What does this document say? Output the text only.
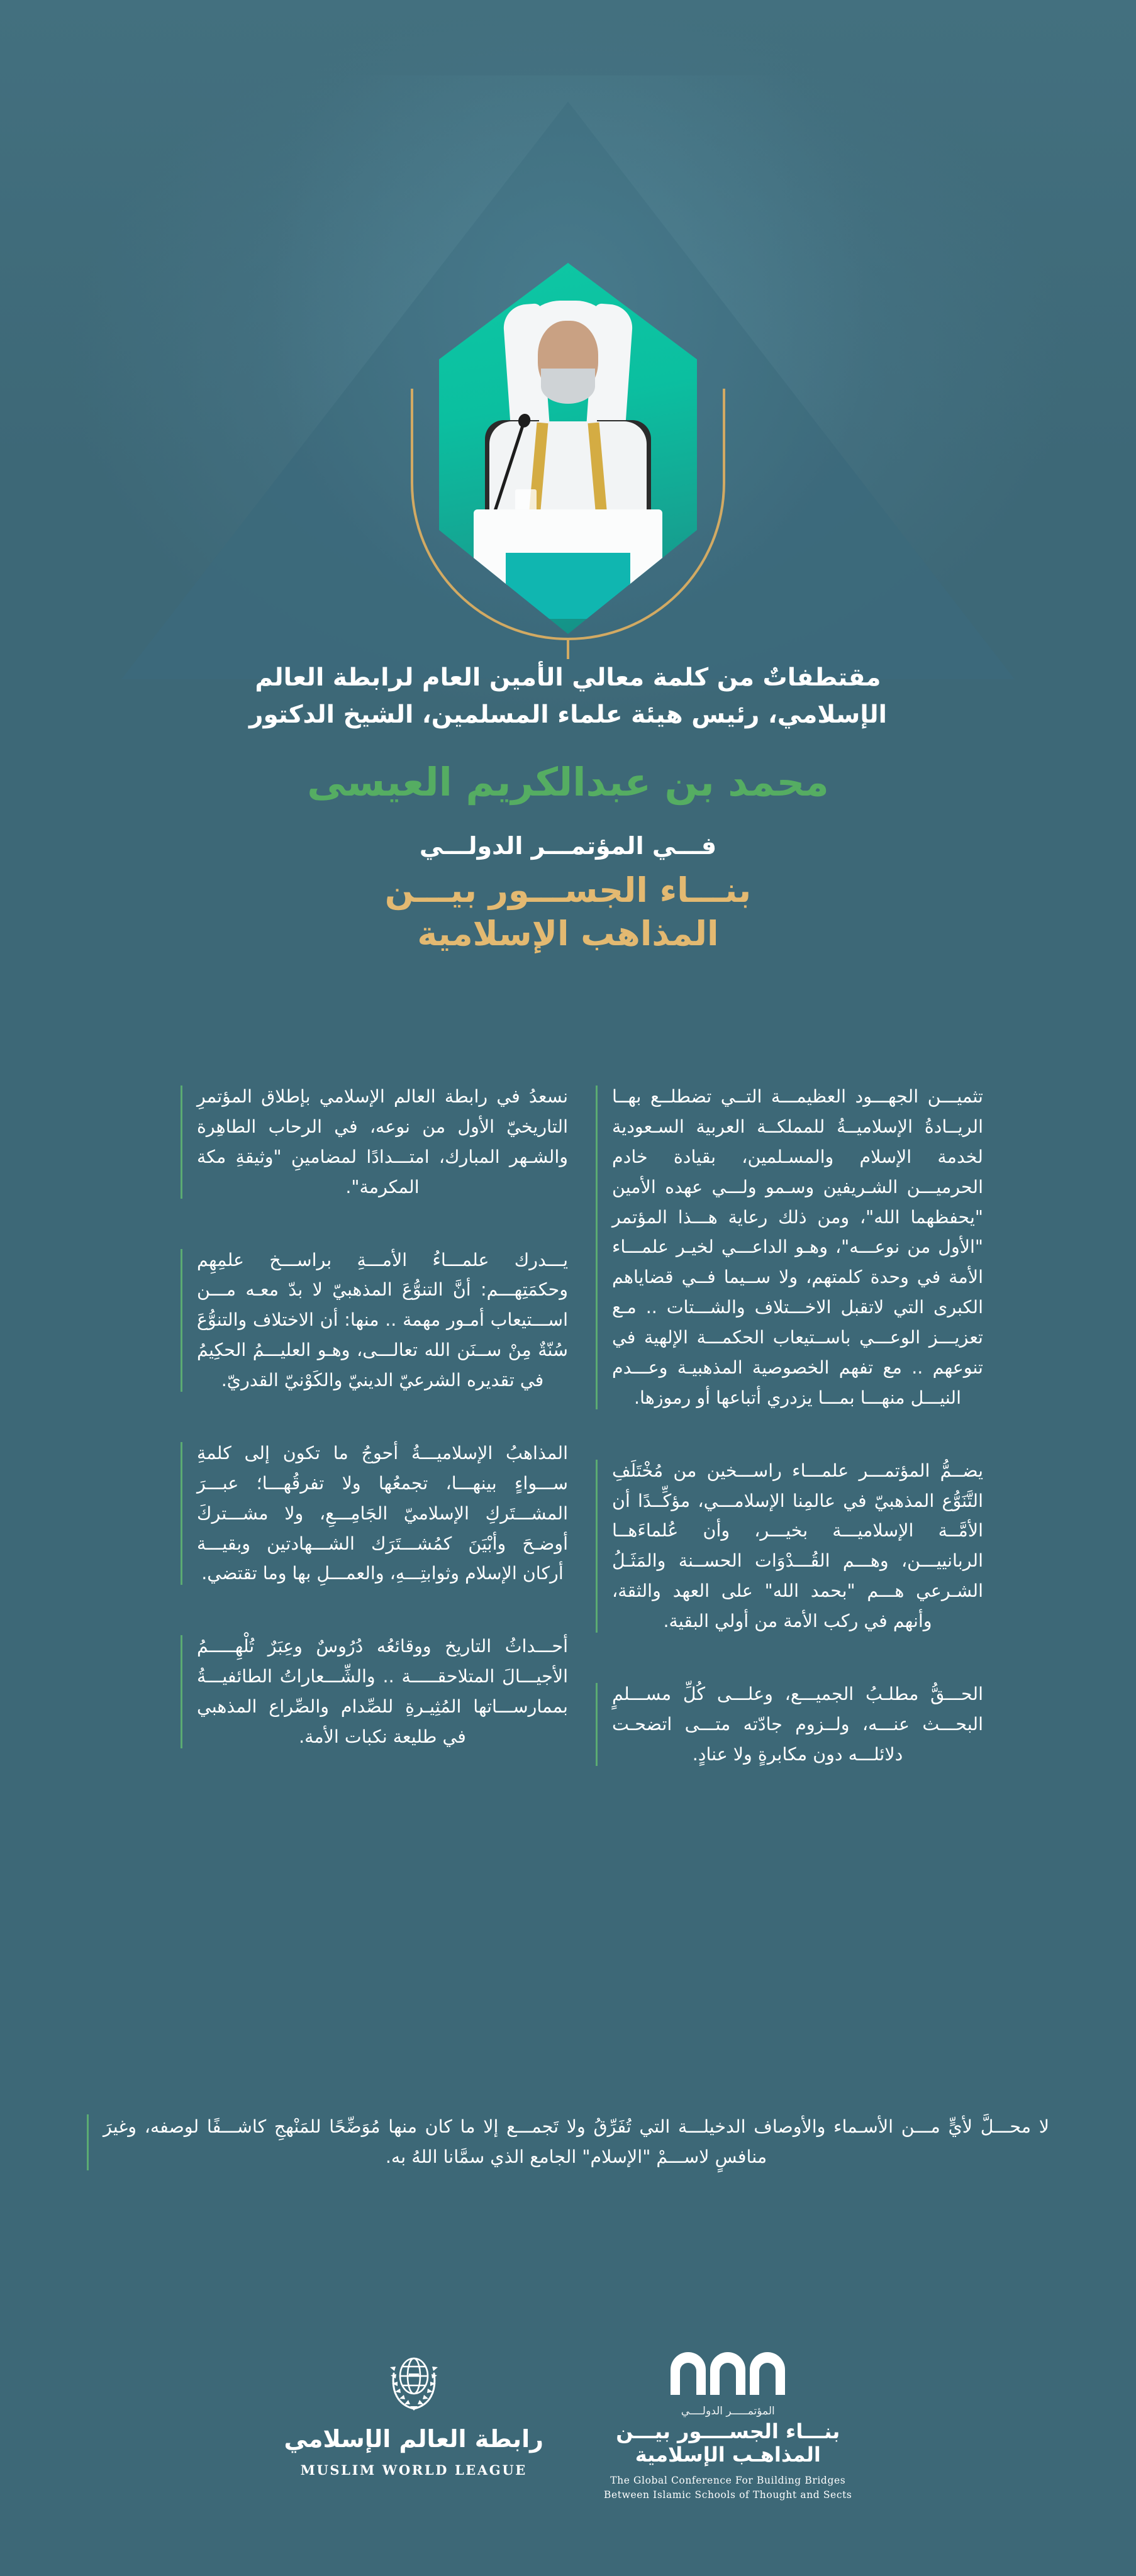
مقتطفاتٌ من كلمة معالي الأمين العام لرابطة العالم الإسلامي، رئيس هيئة علماء المسلمين، الشيخ الدكتور
محمد بن عبدالكريم العيسى
فـــي المؤتمـــر الدولـــي
بنـــاء الجســـور بيـــن
المذاهب الإسلامية

تثميـــن الجهـــود العظيمـــة التــي تضطلــع بهــا الريــادةُ الإسلاميــةُ للمملكــة العربية السـعودية لخدمة الإسلام والمسـلمين، بقيادة خادم الحرميـــن الشـريفين وسـمو ولـــي عهده الأمين "يحفظهما الله"، ومن ذلك رعاية هـــذا المؤتمر "الأول من نوعـــه"، وهـو الداعـــي لخيـر علمـــاء الأمة في وحدة كلمتهم، ولا ســيما فــي قضاياهم الكبرى التي لاتقبل الاخـــتلاف والشـــتات .. مـع تعزيـــز الوعـــي باســتيعاب الحكمـــة الإلهية في تنوعهم .. مع تفهم الخصوصية المذهبيـة وعـــدم النيـــل منهـــا بمـــا يزدري أتباعها أو رموزها.

يضــمُّ المؤتمـــر علمـــاء راســـخين من مُخْتَلَفِ التَّنَوُّع المذهبيّ في عالمِنا الإسلامـــي، مؤكِّــدًا أن الأمَّــة الإسلاميـــة بخيـــر، وأن عُلماءَهــا الربانييـــن، وهـــم القُـــدْوَات الحســنة والمَثَـلُ الشـرعي هـــم "بحمد الله" على العهد والثقة، وأنهم في ركب الأمة من أولي البقية.

الحـــقُّ مطلـبُ الجميـــع، وعلـــى كُلِّ مســـلمٍ البحـــث عنـــه، ولــزوم جادّته متـــى اتضحـت دلائلـــه دون مكابرةٍ ولا عنادٍ.

نسعدُ في رابطة العالم الإسلامي بإطلاق المؤتمرِ التاريخيّ الأول من نوعه، في الرحاب الطاهِرة والشـهر المبارك، امتـــدادًا لمضامينِ "وثيقةِ مكة المكرمة".

يـــدرك علمـــاءُ الأمـــةِ براســـخ علمِهِم وحكمَتِهـــم: أنَّ التنوُّعَ المذهبيّ لا بدّ معـه مـــن اســـتيعاب أمـور مهمة .. منها: أن الاختلاف والتنوُّعَ سُنّةٌ مِنْ ســنَن الله تعالـــى، وهـو العليـــمُ الحكِيمُ في تقديره الشرعيّ الدينيّ والكَوْنيّ القدريّ.

المذاهبُ الإسلاميـــةُ أحوجُ ما تكون إلى كلمةِ ســـواءٍ بينهـــا، تجمعُها ولا تفرقُهـــا؛ عبـــرَ المشـــتَركِ الإسلاميّ الجَامِـــعِ، ولا مشـــتركَ أوضـحَ وأبْيَنَ كمُشـــتَرَك الشـــهادتين وبقيـــة أركان الإسلام وثوابتِـــهِ، والعمـــلِ بها وما تقتضي.

أحـــداثُ التاريخ ووقائعُه دُرُوسٌ وعِبَرٌ تُلْهِـــــمُ الأجيـــالَ المتلاحقـــــة .. والشِّـــعاراتُ الطائفيـــةُ بممارســـاتها المُثِيـرةِ للصِّدام والصِّراع المذهبي في طليعة نكبات الأمة.

لا محـــلَّ لأيٍّ مـــن الأسـماء والأوصاف الدخيلـــة التي تُفَرِّقُ ولا تَجمـــع إلا ما كان منها مُوَضِّحًا للمَنْهجِ كاشـــفًا لوصفه، وغيرَ منافسٍ لاســـمْ "الإسلام" الجامع الذي سمَّانا اللهُ به.

المؤتمـــــر الدولــــي
بنـــاء الجســــور بيـــن
المذاهـب الإسلامية
The Global Conference For Building Bridges
Between Islamic Schools of Thought and Sects
رابطة العالم الإسلامي
MUSLIM WORLD LEAGUE
